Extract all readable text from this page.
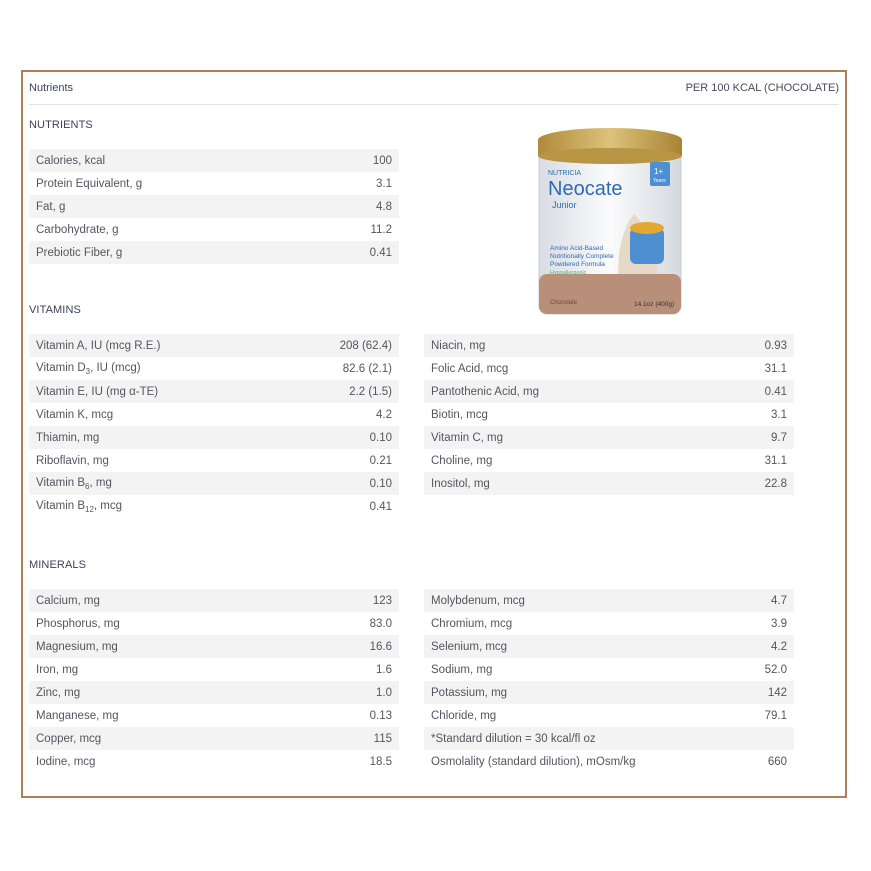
Nutrients	PER 100 KCAL (CHOCOLATE)
NUTRIENTS
Calories, kcal	100
Protein Equivalent, g	3.1
Fat, g	4.8
Carbohydrate, g	11.2
Prebiotic Fiber, g	0.41
NUTRICIA
Neocate
Junior
1+
Years
Amino Acid-Based
Nutritionally Complete
Powdered Formula
Hypoallergenic
Chocolate	14.1oz (400g)
VITAMINS
Vitamin A, IU (mcg R.E.)	208 (62.4)
Vitamin $D_3$, IU (mcg)	82.6 (2.1)
Vitamin E, IU (mg α-TE)	2.2 (1.5)
Vitamin K, mcg	4.2
Thiamin, mg	0.10
Riboflavin, mg	0.21
Vitamin $B_6$, mg	0.10
Vitamin $B_{12}$, mcg	0.41
Niacin, mg	0.93
Folic Acid, mcg	31.1
Pantothenic Acid, mg	0.41
Biotin, mcg	3.1
Vitamin C, mg	9.7
Choline, mg	31.1
Inositol, mg	22.8
MINERALS
Calcium, mg	123
Phosphorus, mg	83.0
Magnesium, mg	16.6
Iron, mg	1.6
Zinc, mg	1.0
Manganese, mg	0.13
Copper, mcg	115
Iodine, mcg	18.5
Molybdenum, mcg	4.7
Chromium, mcg	3.9
Selenium, mcg	4.2
Sodium, mg	52.0
Potassium, mg	142
Chloride, mg	79.1
*Standard dilution = 30 kcal/fl oz
Osmolality (standard dilution), mOsm/kg	660
